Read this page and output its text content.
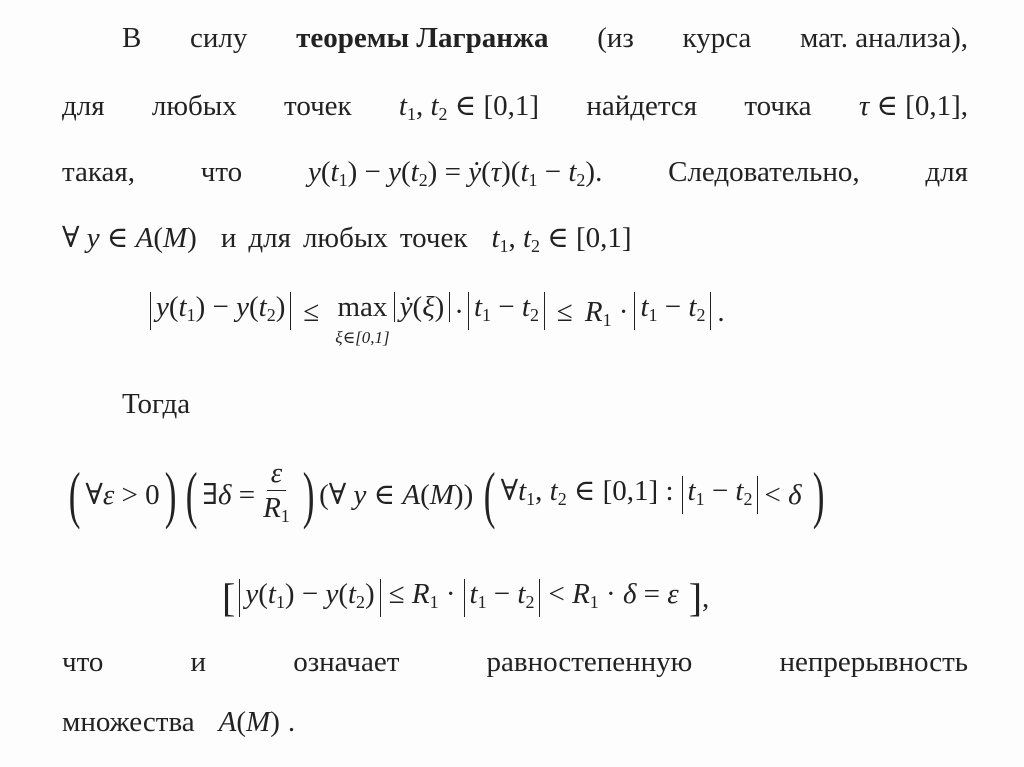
В силу теоремы Лагранжа (из курса мат. анализа),
для любых точек $t_1$, $t_2$ ∈ [0,1] найдется точка τ ∈ [0,1],
такая, что $y(t_1) - y(t_2)$ = $ẏ(\tau)(t_1 - t_2)$. Следовательно, для
∀ y ∈ A(M) и для любых точек $t_1$, $t_2$ ∈ [0,1]
$y(t_1) - y(t_2) \le \max$
ξ∈[0,1]
ẏ(ξ) · $t_1 - t_2 \le R_1 \cdot t_1 - t_2$ .
Тогда
( ∀ε > 0 ) ( ∃δ = $\frac{\varepsilon}{R_1}$ ) (∀ y ∈ A(M)) ( $\forall t_1$, $t_2$ ∈ [0,1] : $t_1 - t_2 < \delta$ )
[ $y(t_1) - y(t_2) \le R_1 \cdot t_1 - t_2 < R_1 \cdot \delta = \varepsilon$ ] ,
что	и	означает	равностепенную	непрерывность
множества A(M) .
